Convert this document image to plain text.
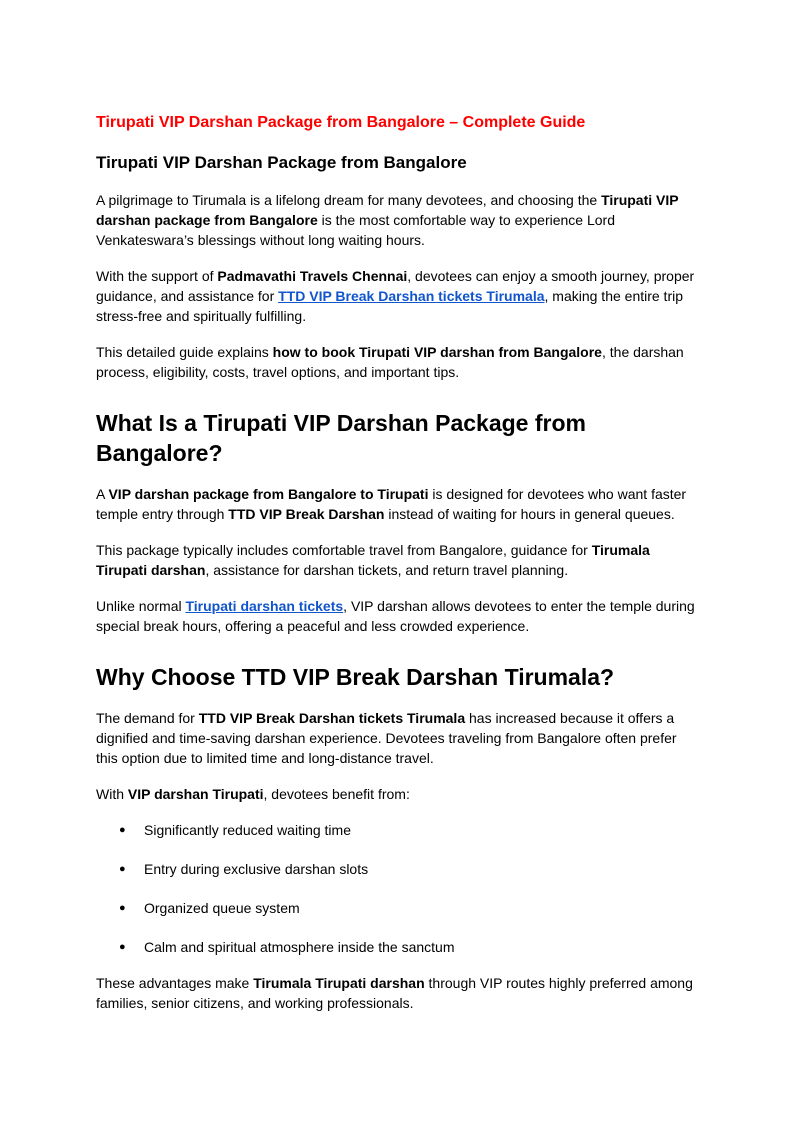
Tirupati VIP Darshan Package from Bangalore – Complete Guide
Tirupati VIP Darshan Package from Bangalore

A pilgrimage to Tirumala is a lifelong dream for many devotees, and choosing the Tirupati VIP darshan package from Bangalore is the most comfortable way to experience Lord Venkateswara’s blessings without long waiting hours.

With the support of Padmavathi Travels Chennai, devotees can enjoy a smooth journey, proper guidance, and assistance for TTD VIP Break Darshan tickets Tirumala, making the entire trip stress-free and spiritually fulfilling.

This detailed guide explains how to book Tirupati VIP darshan from Bangalore, the darshan process, eligibility, costs, travel options, and important tips.

What Is a Tirupati VIP Darshan Package from Bangalore?

A VIP darshan package from Bangalore to Tirupati is designed for devotees who want faster temple entry through TTD VIP Break Darshan instead of waiting for hours in general queues.

This package typically includes comfortable travel from Bangalore, guidance for Tirumala Tirupati darshan, assistance for darshan tickets, and return travel planning.

Unlike normal Tirupati darshan tickets, VIP darshan allows devotees to enter the temple during special break hours, offering a peaceful and less crowded experience.

Why Choose TTD VIP Break Darshan Tirumala?

The demand for TTD VIP Break Darshan tickets Tirumala has increased because it offers a dignified and time-saving darshan experience. Devotees traveling from Bangalore often prefer this option due to limited time and long-distance travel.

With VIP darshan Tirupati, devotees benefit from:

● Significantly reduced waiting time
● Entry during exclusive darshan slots
● Organized queue system
● Calm and spiritual atmosphere inside the sanctum

These advantages make Tirumala Tirupati darshan through VIP routes highly preferred among families, senior citizens, and working professionals.
